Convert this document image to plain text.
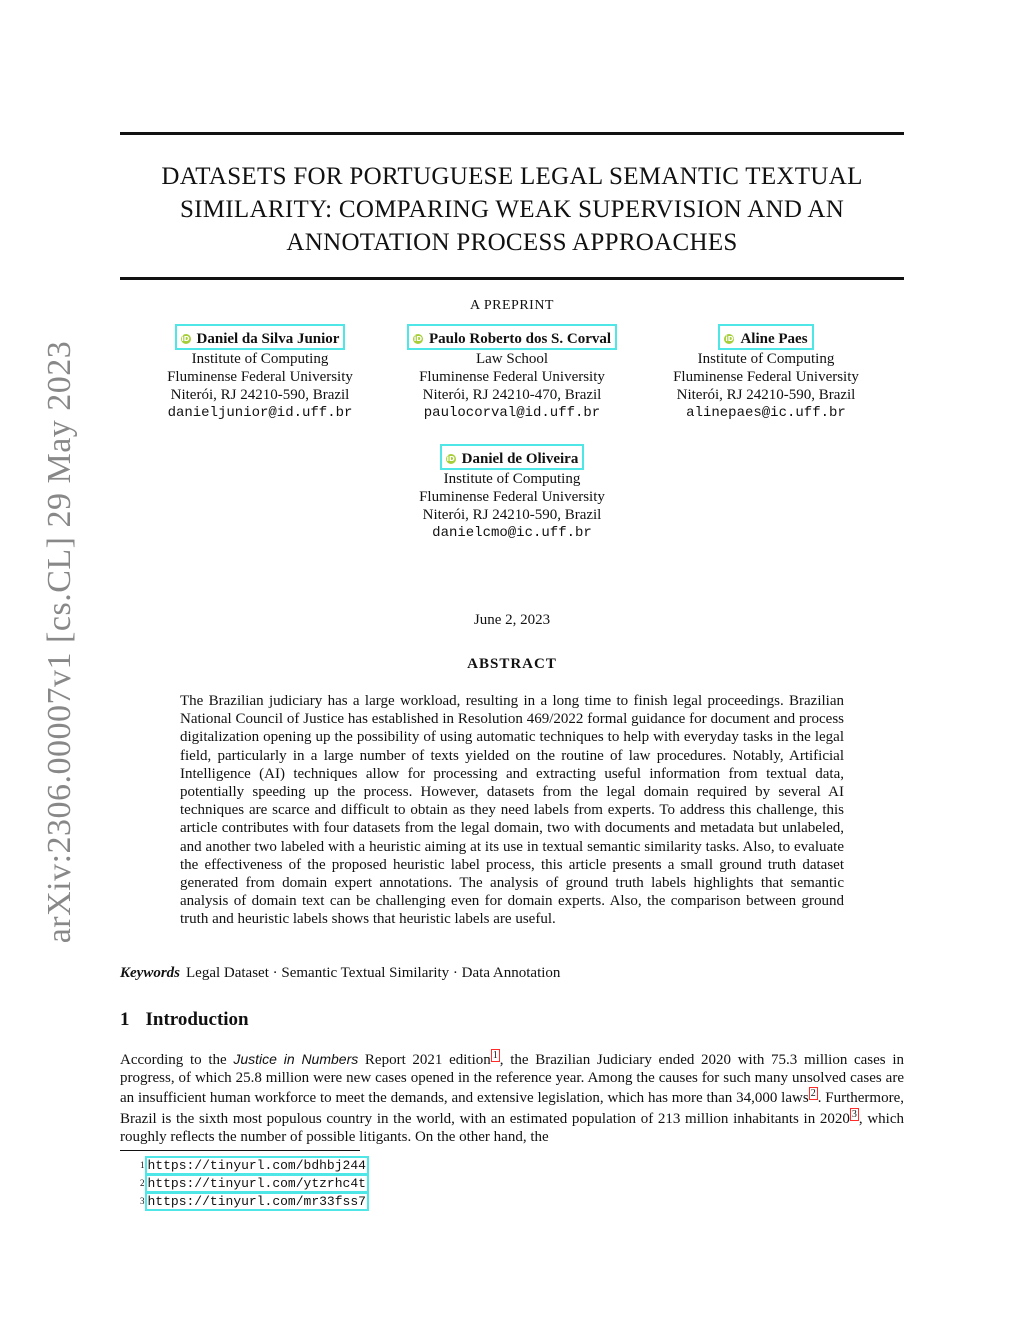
arXiv:2306.00007v1 [cs.CL] 29 May 2023
DATASETS FOR PORTUGUESE LEGAL SEMANTIC TEXTUAL
SIMILARITY: COMPARING WEAK SUPERVISION AND AN
ANNOTATION PROCESS APPROACHES
A PREPRINT
iD Daniel da Silva Junior
Institute of Computing
Fluminense Federal University
Niterói, RJ 24210-590, Brazil
danieljunior@id.uff.br
iD Paulo Roberto dos S. Corval
Law School
Fluminense Federal University
Niterói, RJ 24210-470, Brazil
paulocorval@id.uff.br
iD Aline Paes
Institute of Computing
Fluminense Federal University
Niterói, RJ 24210-590, Brazil
alinepaes@ic.uff.br
iD Daniel de Oliveira
Institute of Computing
Fluminense Federal University
Niterói, RJ 24210-590, Brazil
danielcmo@ic.uff.br
June 2, 2023
ABSTRACT
The Brazilian judiciary has a large workload, resulting in a long time to finish legal proceedings. Brazilian National Council of Justice has established in Resolution 469/2022 formal guidance for document and process digitalization opening up the possibility of using automatic techniques to help with everyday tasks in the legal field, particularly in a large number of texts yielded on the routine of law procedures. Notably, Artificial Intelligence (AI) techniques allow for processing and extracting useful information from textual data, potentially speeding up the process. However, datasets from the legal domain required by several AI techniques are scarce and difficult to obtain as they need labels from experts. To address this challenge, this article contributes with four datasets from the legal domain, two with documents and metadata but unlabeled, and another two labeled with a heuristic aiming at its use in textual semantic similarity tasks. Also, to evaluate the effectiveness of the proposed heuristic label process, this article presents a small ground truth dataset generated from domain expert annotations. The analysis of ground truth labels highlights that semantic analysis of domain text can be challenging even for domain experts. Also, the comparison between ground truth and heuristic labels shows that heuristic labels are useful.
Keywords Legal Dataset · Semantic Textual Similarity · Data Annotation
1 Introduction
According to the Justice in Numbers Report 2021 edition 1 , the Brazilian Judiciary ended 2020 with 75.3 million cases in progress, of which 25.8 million were new cases opened in the reference year. Among the causes for such many unsolved cases are an insufficient human workforce to meet the demands, and extensive legislation, which has more than 34,000 laws 2 . Furthermore, Brazil is the sixth most populous country in the world, with an estimated population of 213 million inhabitants in 2020 3 , which roughly reflects the number of possible litigants. On the other hand, the
$^1$ https://tinyurl.com/bdhbj244
$^2$ https://tinyurl.com/ytzrhc4t
$^3$ https://tinyurl.com/mr33fss7
